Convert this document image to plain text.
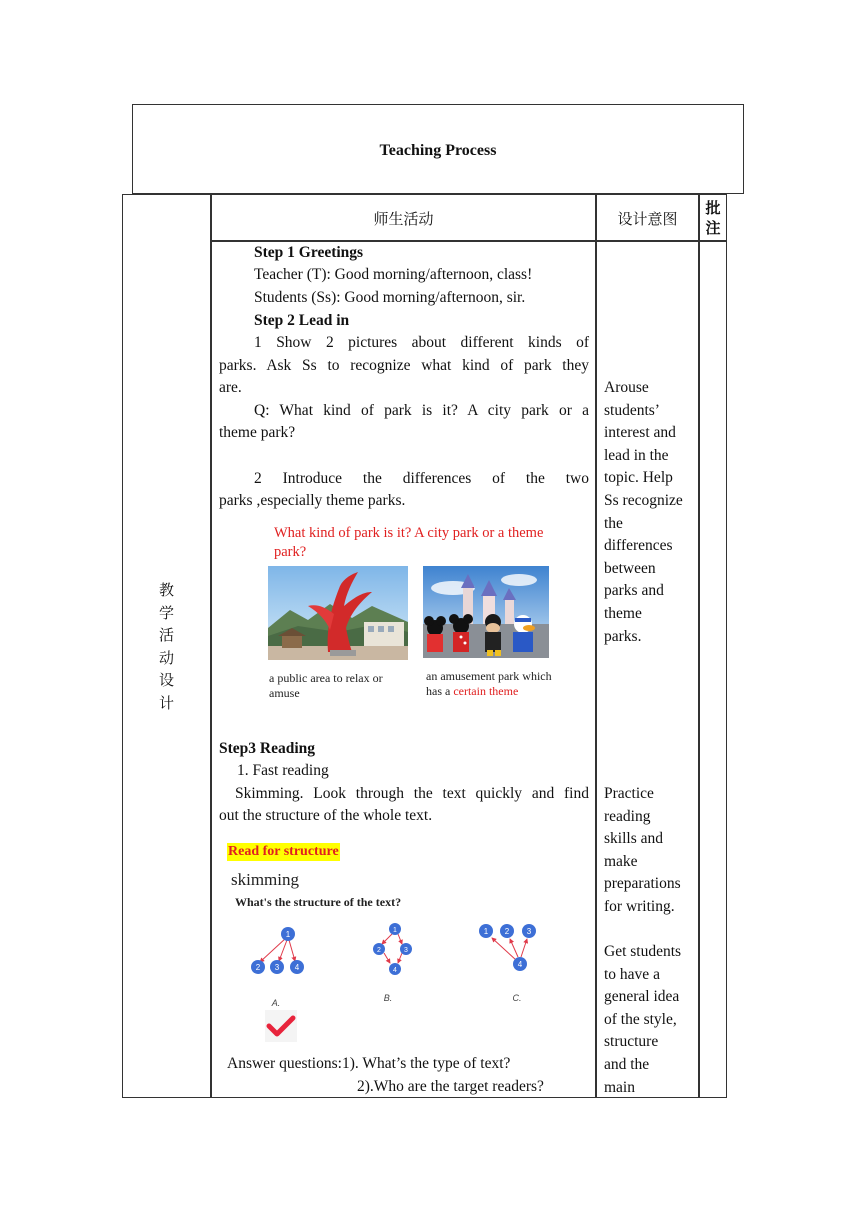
Teaching Process
教
学
活
动
设
计
师生活动	设计意图
批注
Step 1 Greetings
Teacher (T): Good morning/afternoon, class!
Students (Ss): Good morning/afternoon, sir.
Step 2 Lead in
1 Show 2 pictures about different kinds of
parks. Ask Ss to recognize what kind of park they
are.
Q: What kind of park is it? A city park or a
theme park?
2 Introduce the differences of the two
parks ,especially theme parks.
What kind of park is it? A city park or a theme
park?
a public area to relax or
amuse
an amusement park which
has a certain theme
Step3 Reading
1. Fast reading
Skimming. Look through the text quickly and find
out the structure of the whole text.
Read for structure
skimming
What's the structure of the text?
1
2 3 4
A.
1
2	3
4
B.
1 2 3
4
C.
Answer questions:1). What’s the type of text?
2).Who are the target readers?
Arouse
students’
interest and
lead in the
topic. Help
Ss recognize
the
differences
between
parks and
theme
parks.
Practice
reading
skills and
make
preparations
for writing.
Get students
to have a
general idea
of the style,
structure
and the
main
